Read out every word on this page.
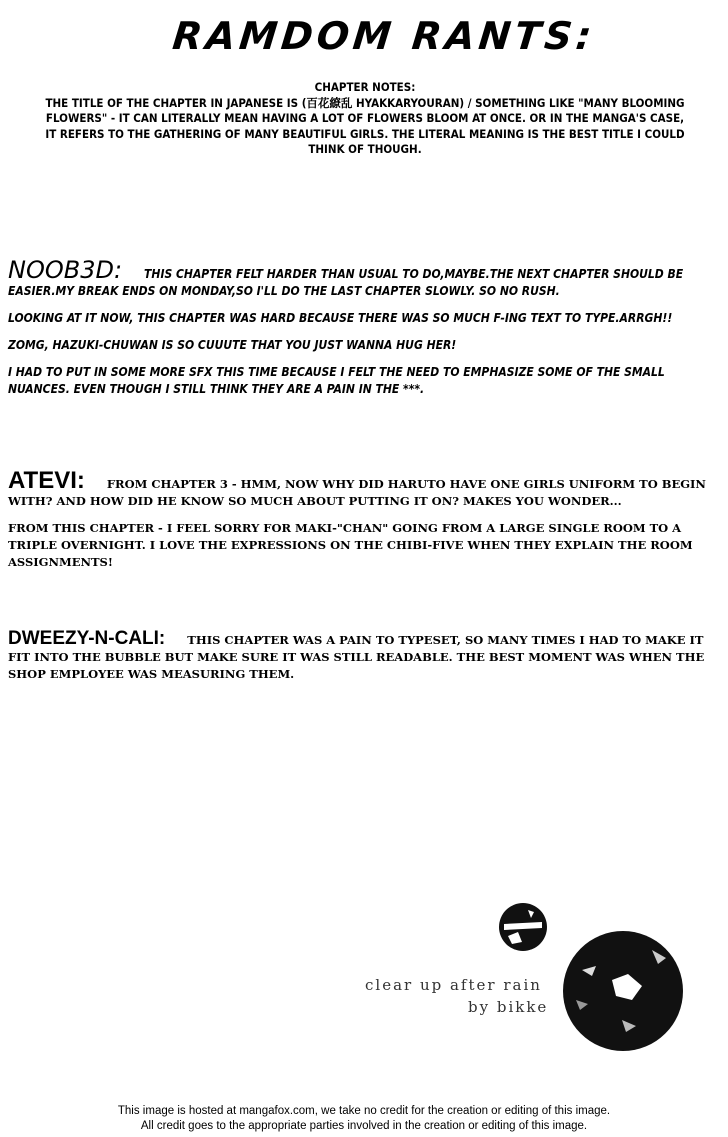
RAMDOM RANTS:

CHAPTER NOTES:

THE TITLE OF THE CHAPTER IN JAPANESE IS (百花繚乱 HYAKKARYOURAN) / SOMETHING LIKE "MANY BLOOMING FLOWERS" - IT CAN LITERALLY MEAN HAVING A LOT OF FLOWERS BLOOM AT ONCE. OR IN THE MANGA'S CASE, IT REFERS TO THE GATHERING OF MANY BEAUTIFUL GIRLS. THE LITERAL MEANING IS THE BEST TITLE I COULD THINK OF THOUGH.

NOOB3D: THIS CHAPTER FELT HARDER THAN USUAL TO DO,MAYBE.THE NEXT CHAPTER SHOULD BE EASIER.MY BREAK ENDS ON MONDAY,SO I'LL DO THE LAST CHAPTER SLOWLY. SO NO RUSH.

LOOKING AT IT NOW, THIS CHAPTER WAS HARD BECAUSE THERE WAS SO MUCH F-ING TEXT TO TYPE.ARRGH!!

ZOMG, HAZUKI-CHUWAN IS SO CUUUTE THAT YOU JUST WANNA HUG HER!

I HAD TO PUT IN SOME MORE SFX THIS TIME BECAUSE I FELT THE NEED TO EMPHASIZE SOME OF THE SMALL NUANCES. EVEN THOUGH I STILL THINK THEY ARE A PAIN IN THE ***.

ATEVI: FROM CHAPTER 3 - HMM, NOW WHY DID HARUTO HAVE ONE GIRLS UNIFORM TO BEGIN WITH? AND HOW DID HE KNOW SO MUCH ABOUT PUTTING IT ON? MAKES YOU WONDER...

FROM THIS CHAPTER - I FEEL SORRY FOR MAKI-"CHAN" GOING FROM A LARGE SINGLE ROOM TO A TRIPLE OVERNIGHT. I LOVE THE EXPRESSIONS ON THE CHIBI-FIVE WHEN THEY EXPLAIN THE ROOM ASSIGNMENTS!

DWEEZY-N-CALI: THIS CHAPTER WAS A PAIN TO TYPESET, SO MANY TIMES I HAD TO MAKE IT FIT INTO THE BUBBLE BUT MAKE SURE IT WAS STILL READABLE. THE BEST MOMENT WAS WHEN THE SHOP EMPLOYEE WAS MEASURING THEM.

clear up after rain
by bikke

This image is hosted at mangafox.com, we take no credit for the creation or editing of this image.

All credit goes to the appropriate parties involved in the creation or editing of this image.
